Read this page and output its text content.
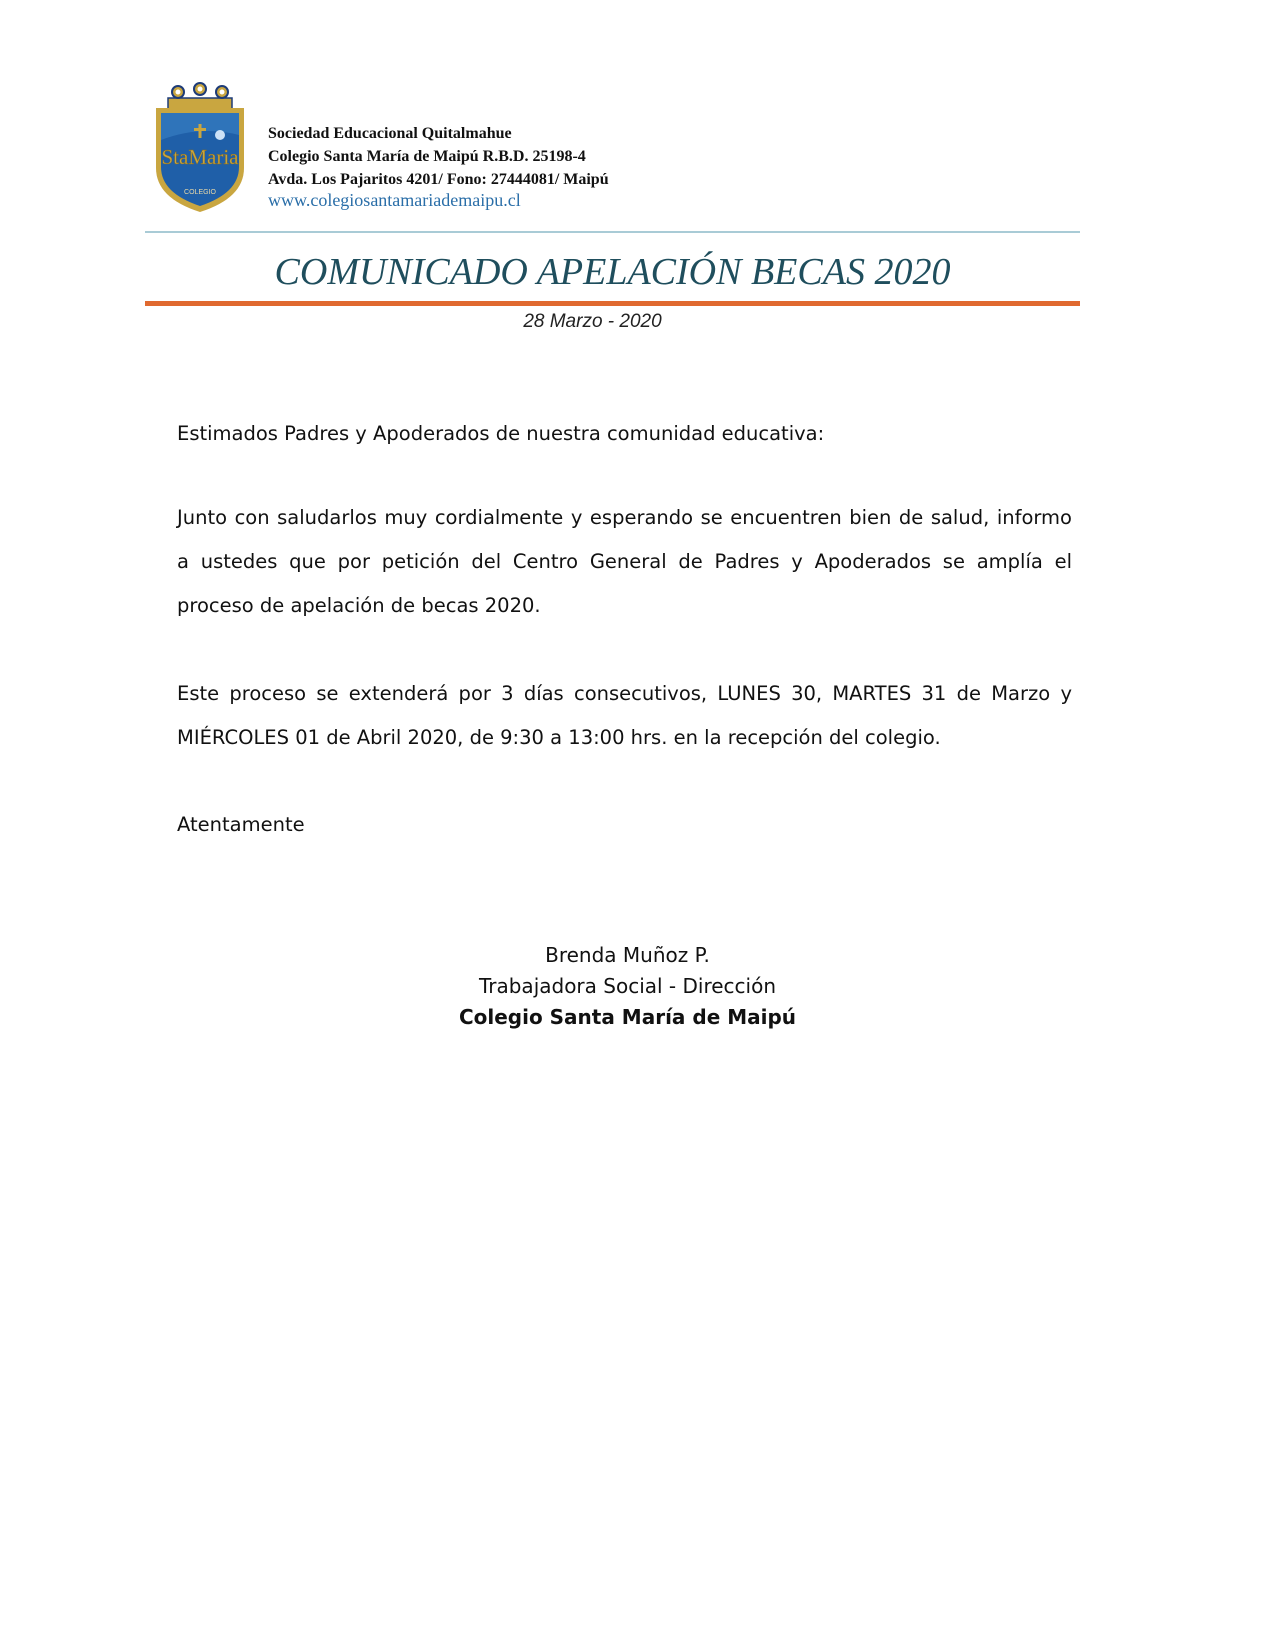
StaMaria
COLEGIO
Sociedad Educacional Quitalmahue
Colegio Santa María de Maipú R.B.D. 25198-4
Avda. Los Pajaritos 4201/ Fono: 27444081/ Maipú
www.colegiosantamariademaipu.cl
COMUNICADO APELACIÓN BECAS 2020
28 Marzo - 2020
Estimados Padres y Apoderados de nuestra comunidad educativa:
Junto con saludarlos muy cordialmente y esperando se encuentren bien de salud, informo a ustedes que por petición del Centro General de Padres y Apoderados se amplía el proceso de apelación de becas 2020.
Este proceso se extenderá por 3 días consecutivos, LUNES 30, MARTES 31 de Marzo y MIÉRCOLES 01 de Abril 2020, de 9:30 a 13:00 hrs. en la recepción del colegio.
Atentamente
Brenda Muñoz P.
Trabajadora Social - Dirección
Colegio Santa María de Maipú
